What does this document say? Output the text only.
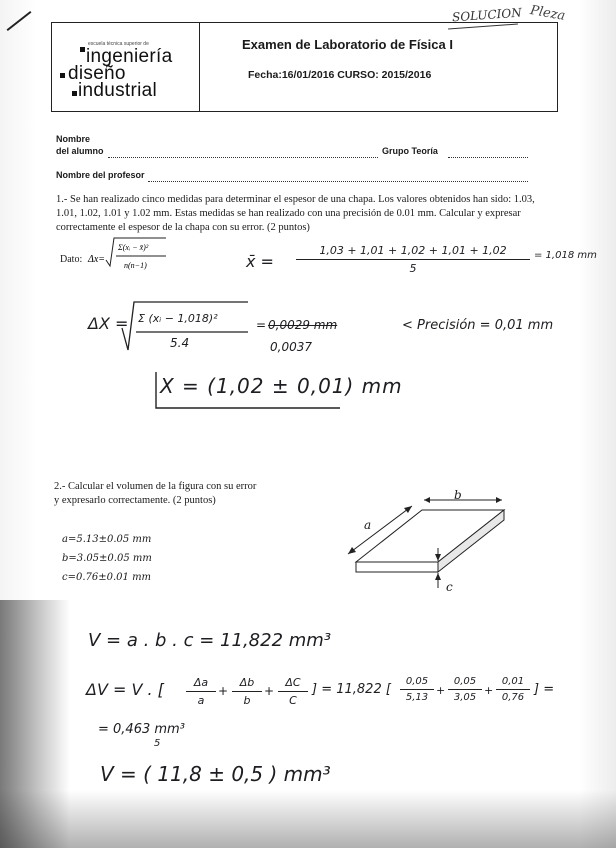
escuela técnica superior de
ingeniería
diseño
industrial
Examen de Laboratorio de Física I
Fecha:16/01/2016 CURSO: 2015/2016
SOLUCION Pleza
Nombre
del alumno	Grupo Teoría
Nombre del profesor
1.- Se han realizado cinco medidas para determinar el espesor de una chapa. Los valores obtenidos han sido: 1.03, 1.01, 1.02, 1.01 y 1.02 mm. Estas medidas se han realizado con una precisión de 0.01 mm. Calcular y expresar correctamente el espesor de la chapa con su error. (2 puntos)
Dato: Δx=
Σ(xᵢ − x̄)²
n(n−1)	x̄ =
1,03 + 1,01 + 1,02 + 1,01 + 1,02
5
= 1,018 mm
ΔX = Σ (xᵢ − 1,018)²
5.4
= 0,0029 mm
0,0037
< Precisión = 0,01 mm
X = (1,02 ± 0,01) mm
2.- Calcular el volumen de la figura con su error y expresarlo correctamente. (2 puntos)
a=5.13±0.05 mm
b=3.05±0.05 mm
c=0.76±0.01 mm
b
a
c
V = a . b . c = 11,822 mm³
ΔV = V . [	Δa
a
+
Δb
b
+
ΔC
C
] = 11,822 [
0,05
5,13
+
0,05
3,05
+
0,01
0,76
] =
= 0,463 mm³
5
V = ( 11,8 ± 0,5 ) mm³
